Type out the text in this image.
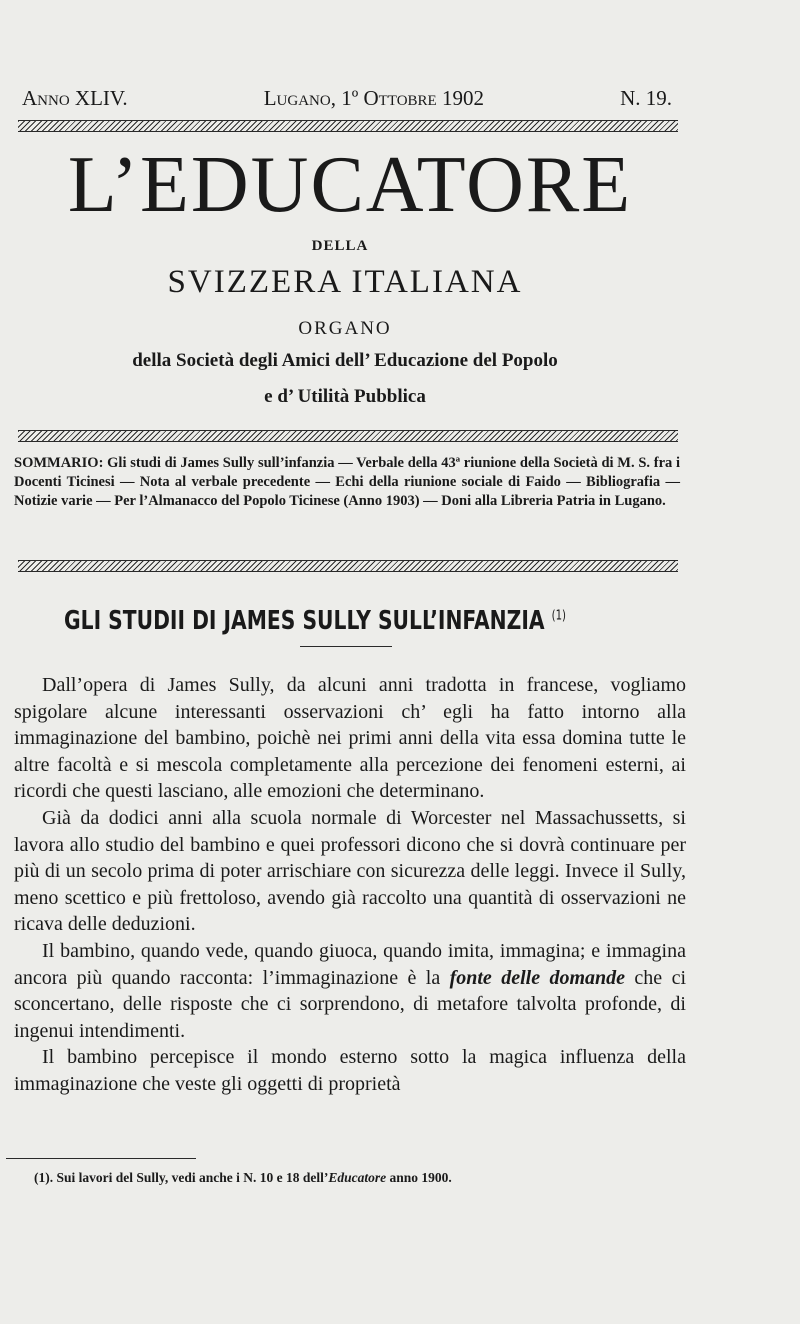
Anno XLIV.	Lugano, 1º Ottobre 1902	N. 19.
L’EDUCATORE
DELLA
SVIZZERA ITALIANA
ORGANO
della Società degli Amici dell’ Educazione del Popolo
e d’ Utilità Pubblica
SOMMARIO: Gli studi di James Sully sull’infanzia — Verbale della 43ª riunione della Società di M. S. fra i Docenti Ticinesi — Nota al verbale precedente — Echi della riunione sociale di Faido — Bibliografia — Notizie varie — Per l’Almanacco del Popolo Ticinese (Anno 1903) — Doni alla Libreria Patria in Lugano.
GLI STUDII DI JAMES SULLY SULL’INFANZIA $^{(1)}$

Dall’opera di James Sully, da alcuni anni tradotta in francese, vogliamo spigolare alcune interessanti osservazioni ch’ egli ha fatto intorno alla immaginazione del bambino, poichè nei primi anni della vita essa domina tutte le altre facoltà e si mescola completamente alla percezione dei fenomeni esterni, ai ricordi che questi lasciano, alle emozioni che determinano.

Già da dodici anni alla scuola normale di Worcester nel Massachussetts, si lavora allo studio del bambino e quei professori dicono che si dovrà continuare per più di un secolo prima di poter arrischiare con sicurezza delle leggi. Invece il Sully, meno scettico e più frettoloso, avendo già raccolto una quantità di osservazioni ne ricava delle deduzioni.

Il bambino, quando vede, quando giuoca, quando imita, immagina; e immagina ancora più quando racconta: l’immaginazione è la fonte delle domande che ci sconcertano, delle risposte che ci sorprendono, di metafore talvolta profonde, di ingenui intendimenti.

Il bambino percepisce il mondo esterno sotto la magica influenza della immaginazione che veste gli oggetti di proprietà

(1). Sui lavori del Sully, vedi anche i N. 10 e 18 dell’Educatore anno 1900.
